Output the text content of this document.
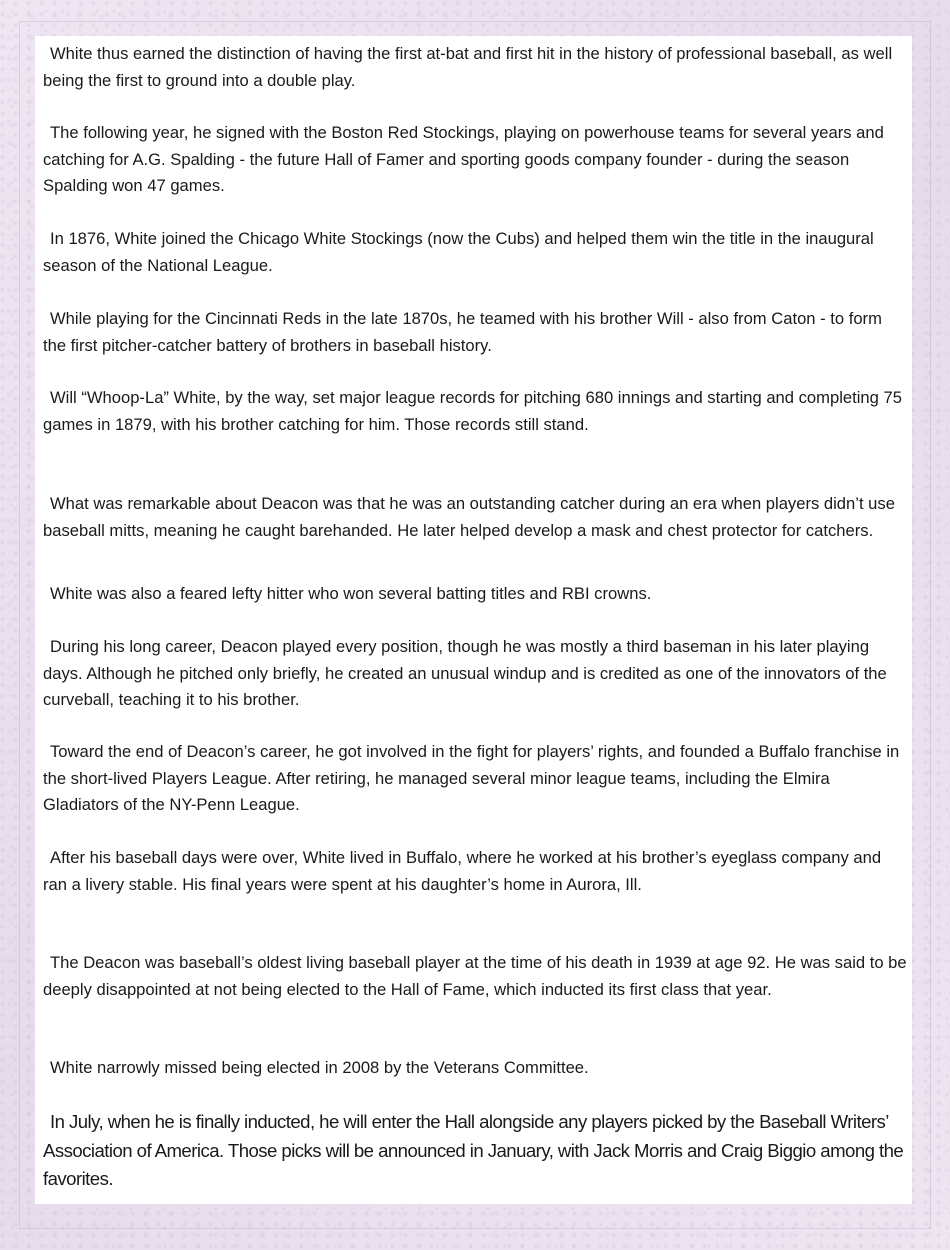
White thus earned the distinction of having the first at-bat and first hit in the history of professional baseball, as well being the first to ground into a double play.

The following year, he signed with the Boston Red Stockings, playing on powerhouse teams for several years and catching for A.G. Spalding - the future Hall of Famer and sporting goods company founder - during the season Spalding won 47 games.

In 1876, White joined the Chicago White Stockings (now the Cubs) and helped them win the title in the inaugural season of the National League.

While playing for the Cincinnati Reds in the late 1870s, he teamed with his brother Will - also from Caton - to form the first pitcher-catcher battery of brothers in baseball history.

Will “Whoop-La” White, by the way, set major league records for pitching 680 innings and starting and completing 75 games in 1879, with his brother catching for him. Those records still stand.

What was remarkable about Deacon was that he was an outstanding catcher during an era when players didn’t use baseball mitts, meaning he caught barehanded. He later helped develop a mask and chest protector for catchers.

White was also a feared lefty hitter who won several batting titles and RBI crowns.

During his long career, Deacon played every position, though he was mostly a third baseman in his later playing days. Although he pitched only briefly, he created an unusual windup and is credited as one of the innovators of the curveball, teaching it to his brother.

Toward the end of Deacon’s career, he got involved in the fight for players’ rights, and founded a Buffalo franchise in the short-lived Players League. After retiring, he managed several minor league teams, including the Elmira Gladiators of the NY-Penn League.

After his baseball days were over, White lived in Buffalo, where he worked at his brother’s eyeglass company and ran a livery stable. His final years were spent at his daughter’s home in Aurora, Ill.

The Deacon was baseball’s oldest living baseball player at the time of his death in 1939 at age 92. He was said to be deeply disappointed at not being elected to the Hall of Fame, which inducted its first class that year.

White narrowly missed being elected in 2008 by the Veterans Committee.

In July, when he is finally inducted, he will enter the Hall alongside any players picked by the Baseball Writers’ Association of America. Those picks will be announced in January, with Jack Morris and Craig Biggio among the favorites.
